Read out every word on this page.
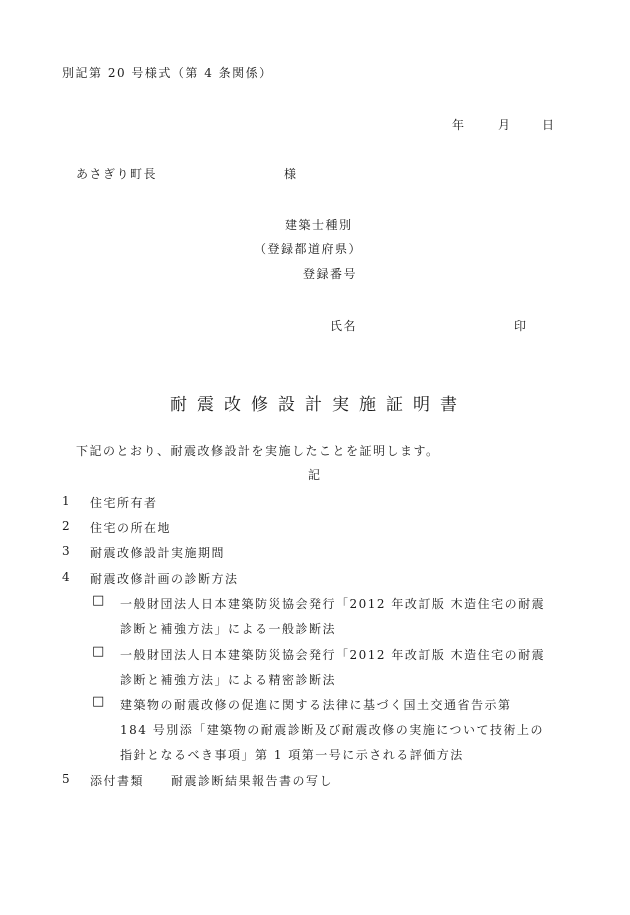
別記第 20 号様式（第 4 条関係）
年	月	日
あさぎり町長	様
建築士種別
（登録都道府県）
登録番号
氏名	印
耐震改修設計実施証明書
下記のとおり、耐震改修設計を実施したことを証明します。
記
1 住宅所有者
2 住宅の所在地
3 耐震改修設計実施期間
4 耐震改修計画の診断方法
□ 一般財団法人日本建築防災協会発行「2012 年改訂版 木造住宅の耐震
診断と補強方法」による一般診断法
□ 一般財団法人日本建築防災協会発行「2012 年改訂版 木造住宅の耐震
診断と補強方法」による精密診断法
□ 建築物の耐震改修の促進に関する法律に基づく国土交通省告示第
184 号別添「建築物の耐震診断及び耐震改修の実施について技術上の
指針となるべき事項」第 1 項第一号に示される評価方法
5 添付書類　　耐震診断結果報告書の写し
